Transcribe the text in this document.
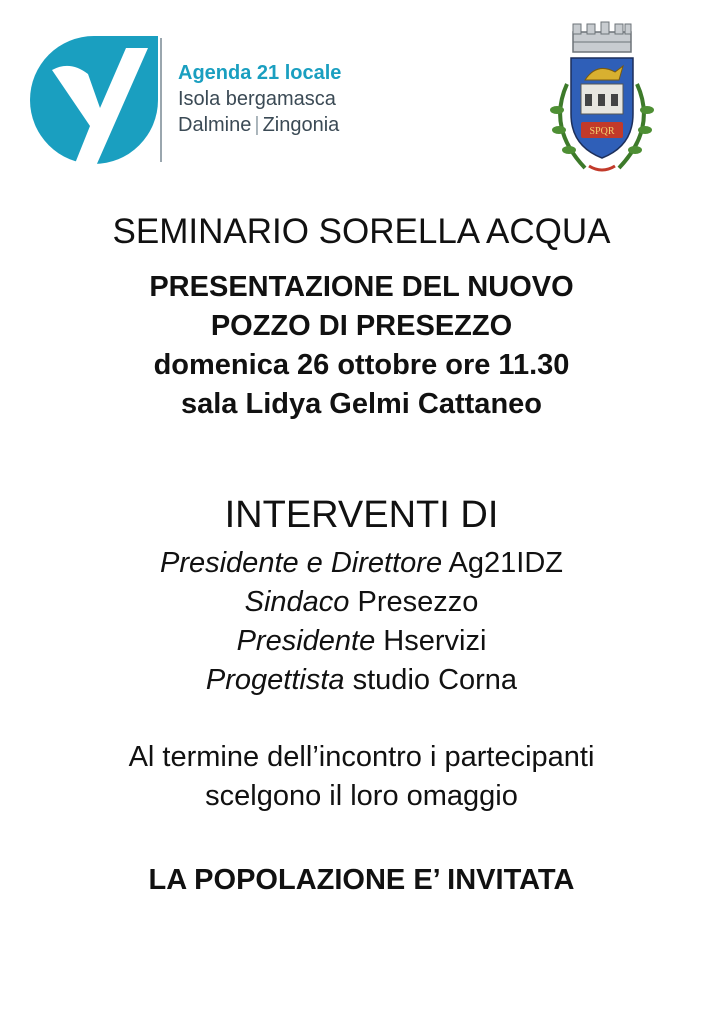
Agenda 21 locale
Isola bergamasca
Dalmine | Zingonia	SPQR
SEMINARIO SORELLA ACQUA
PRESENTAZIONE DEL NUOVO
POZZO DI PRESEZZO
domenica 26 ottobre ore 11.30
sala Lidya Gelmi Cattaneo
INTERVENTI DI
Presidente e Direttore Ag21IDZ
Sindaco Presezzo
Presidente Hservizi
Progettista studio Corna
Al termine dell’incontro i partecipanti
scelgono il loro omaggio
LA POPOLAZIONE E’ INVITATA
